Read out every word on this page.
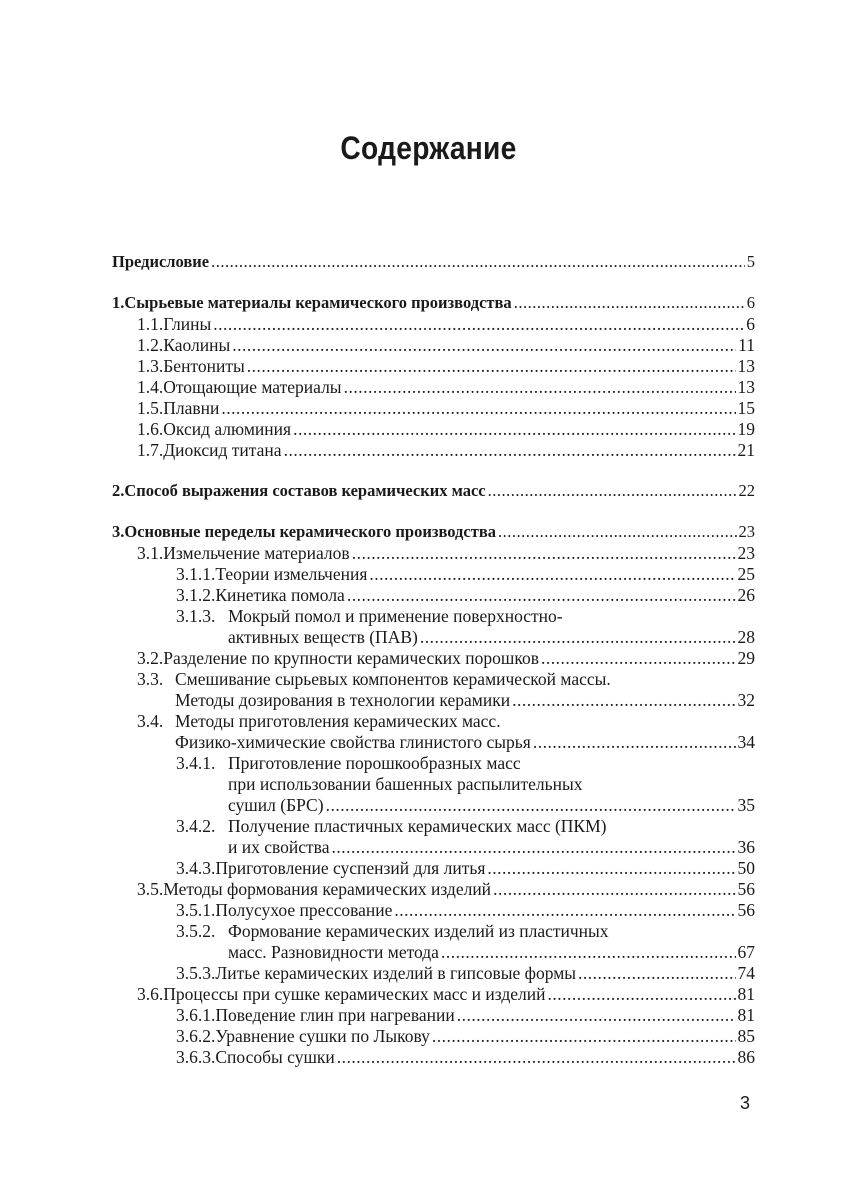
Содержание
Предисловие .....	5
1. Сырьевые материалы керамического производства .....	6
1.1. Глины .....	6
1.2. Каолины .....	11
1.3. Бентониты .....	13
1.4. Отощающие материалы .....	13
1.5. Плавни .....	15
1.6. Оксид алюминия .....	19
1.7. Диоксид титана .....	21
2. Способ выражения составов керамических масс .....	22
3. Основные переделы керамического производства .....	23
3.1. Измельчение материалов .....	23
3.1.1. Теории измельчения .....	25
3.1.2. Кинетика помола .....	26
3.1.3. Мокрый помол и применение поверхностно-
активных веществ (ПАВ) .....	28
3.2. Разделение по крупности керамических порошков .....	29
3.3. Смешивание сырьевых компонентов керамической массы.
Методы дозирования в технологии керамики .....	32
3.4. Методы приготовления керамических масс.
Физико-химические свойства глинистого сырья .....	34
3.4.1. Приготовление порошкообразных масс
при использовании башенных распылительных
сушил (БРС) .....	35
3.4.2. Получение пластичных керамических масс (ПКМ)
и их свойства .....	36
3.4.3. Приготовление суспензий для литья .....	50
3.5. Методы формования керамических изделий .....	56
3.5.1. Полусухое прессование .....	56
3.5.2. Формование керамических изделий из пластичных
масс. Разновидности метода .....	67
3.5.3. Литье керамических изделий в гипсовые формы .....	74
3.6. Процессы при сушке керамических масс и изделий .....	81
3.6.1. Поведение глин при нагревании .....	81
3.6.2. Уравнение сушки по Лыкову .....	85
3.6.3. Способы сушки .....	86
3
